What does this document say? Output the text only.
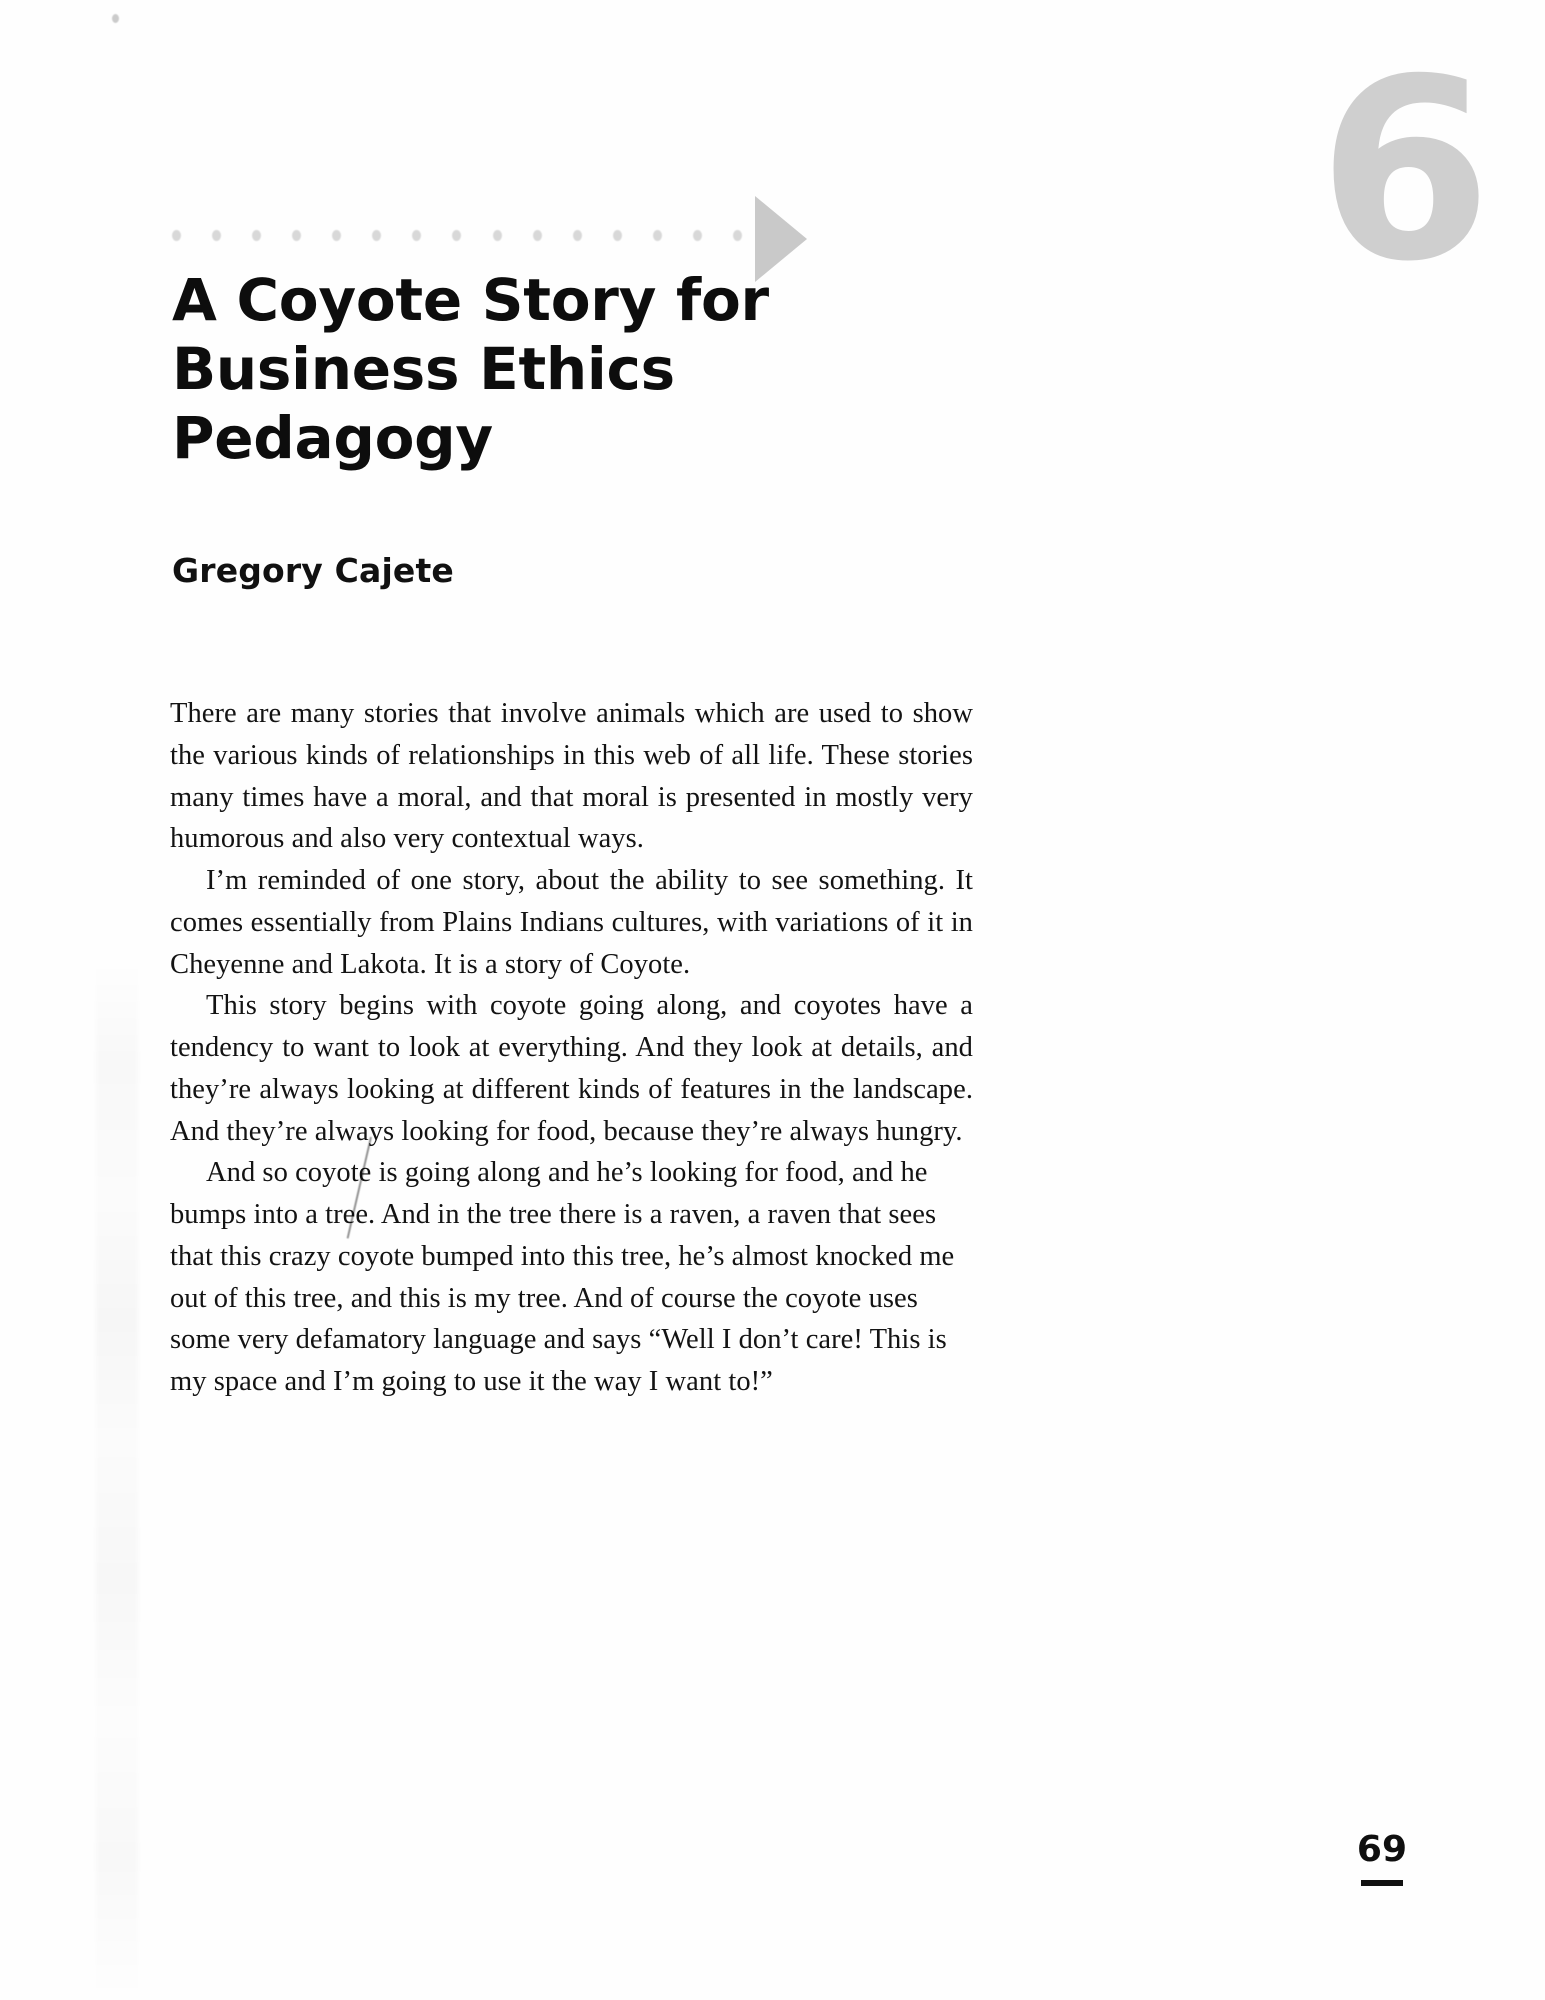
6
A Coyote Story for
Business Ethics
Pedagogy
Gregory Cajete

There are many stories that involve animals which are used to show the various kinds of relationships in this web of all life. These stories many times have a moral, and that moral is presented in mostly very humorous and also very contextual ways.

I’m reminded of one story, about the ability to see something. It comes essentially from Plains Indians cultures, with variations of it in Cheyenne and Lakota. It is a story of Coyote.

This story begins with coyote going along, and coyotes have a tendency to want to look at everything. And they look at details, and they’re always looking at different kinds of features in the landscape. And they’re always looking for food, because they’re always hungry.

And so coyote is going along and he’s looking for food, and he bumps into a tree. And in the tree there is a raven, a raven that sees that this crazy coyote bumped into this tree, he’s almost knocked me out of this tree, and this is my tree. And of course the coyote uses some very defamatory language and says “Well I don’t care! This is my space and I’m going to use it the way I want to!”

69
